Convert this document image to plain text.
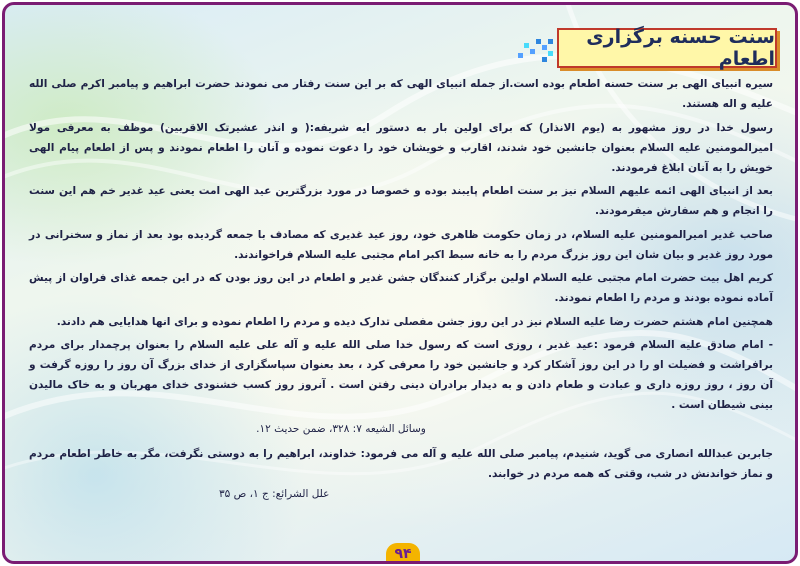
سنت حسنه برگزاری اطعام

سیره انبیای الهی بر سنت حسنه اطعام بوده است.از جمله انبیای الهی که بر این سنت رفتار می نمودند حضرت ابراهیم و پیامبر اکرم صلی الله علیه و اله هستند.

رسول خدا در روز مشهور به (یوم الانذار) که برای اولین بار به دستور ایه شریفه:( و انذر عشیرتک الاقربین) موظف به معرفی مولا امیرالمومنین علیه السلام بعنوان جانشین خود شدند، اقارب و خویشان خود را دعوت نموده و آنان را اطعام نمودند و پس از اطعام پیام الهی خویش را به آنان ابلاغ فرمودند.

بعد از انبیای الهی ائمه علیهم السلام نیز بر سنت اطعام پایبند بوده و خصوصا در مورد بزرگترین عید الهی امت یعنی عید غدیر خم هم این سنت را انجام و هم سفارش میفرمودند.

صاحب غدیر امیرالمومنین علیه السلام، در زمان حکومت ظاهری خود، روز عید غدیری که مصادف با جمعه گردیده بود بعد از نماز و سخنرانی در مورد روز غدیر و بیان شان این روز بزرگ مردم را به خانه سبط اکبر امام مجتبی علیه السلام فراخواندند.

کریم اهل بیت حضرت امام مجتبی علیه السلام اولین برگزار کنندگان جشن غدیر و اطعام در این روز بودن که در این جمعه غذای فراوان از پیش آماده نموده بودند و مردم را اطعام نمودند.

همچنین امام هشتم حضرت رضا علیه السلام نیز در این روز جشن مفصلی تدارک دیده و مردم را اطعام نموده و برای انها هدایایی هم دادند.

- امام صادق علیه السلام فرمود :عید غدیر ، روزی است که رسول خدا صلی الله علیه و آله علی علیه السلام را بعنوان پرچمدار برای مردم برافراشت و فضیلت او را در این روز آشکار کرد و جانشین خود را معرفی کرد ، بعد بعنوان سپاسگزاری از خدای بزرگ آن روز را روزه گرفت و آن روز ، روز روزه داری و عبادت و طعام دادن و به دیدار برادران دینی رفتن است . آنروز روز کسب خشنودی خدای مهربان و به خاک مالیدن بینی شیطان است .

وسائل الشیعه ۷: ۳۲۸، ضمن حدیث ۱۲.

جابربن عبدالله انصاری می گوید، شنیدم، پیامبر صلی الله علیه و آله می فرمود: خداوند، ابراهیم را به دوستی نگرفت، مگر به خاطر اطعام مردم و نماز خواندنش در شب، وقتی که همه مردم در خوابند.

علل الشرائع: ج ۱، ص ۳۵
۹۴
